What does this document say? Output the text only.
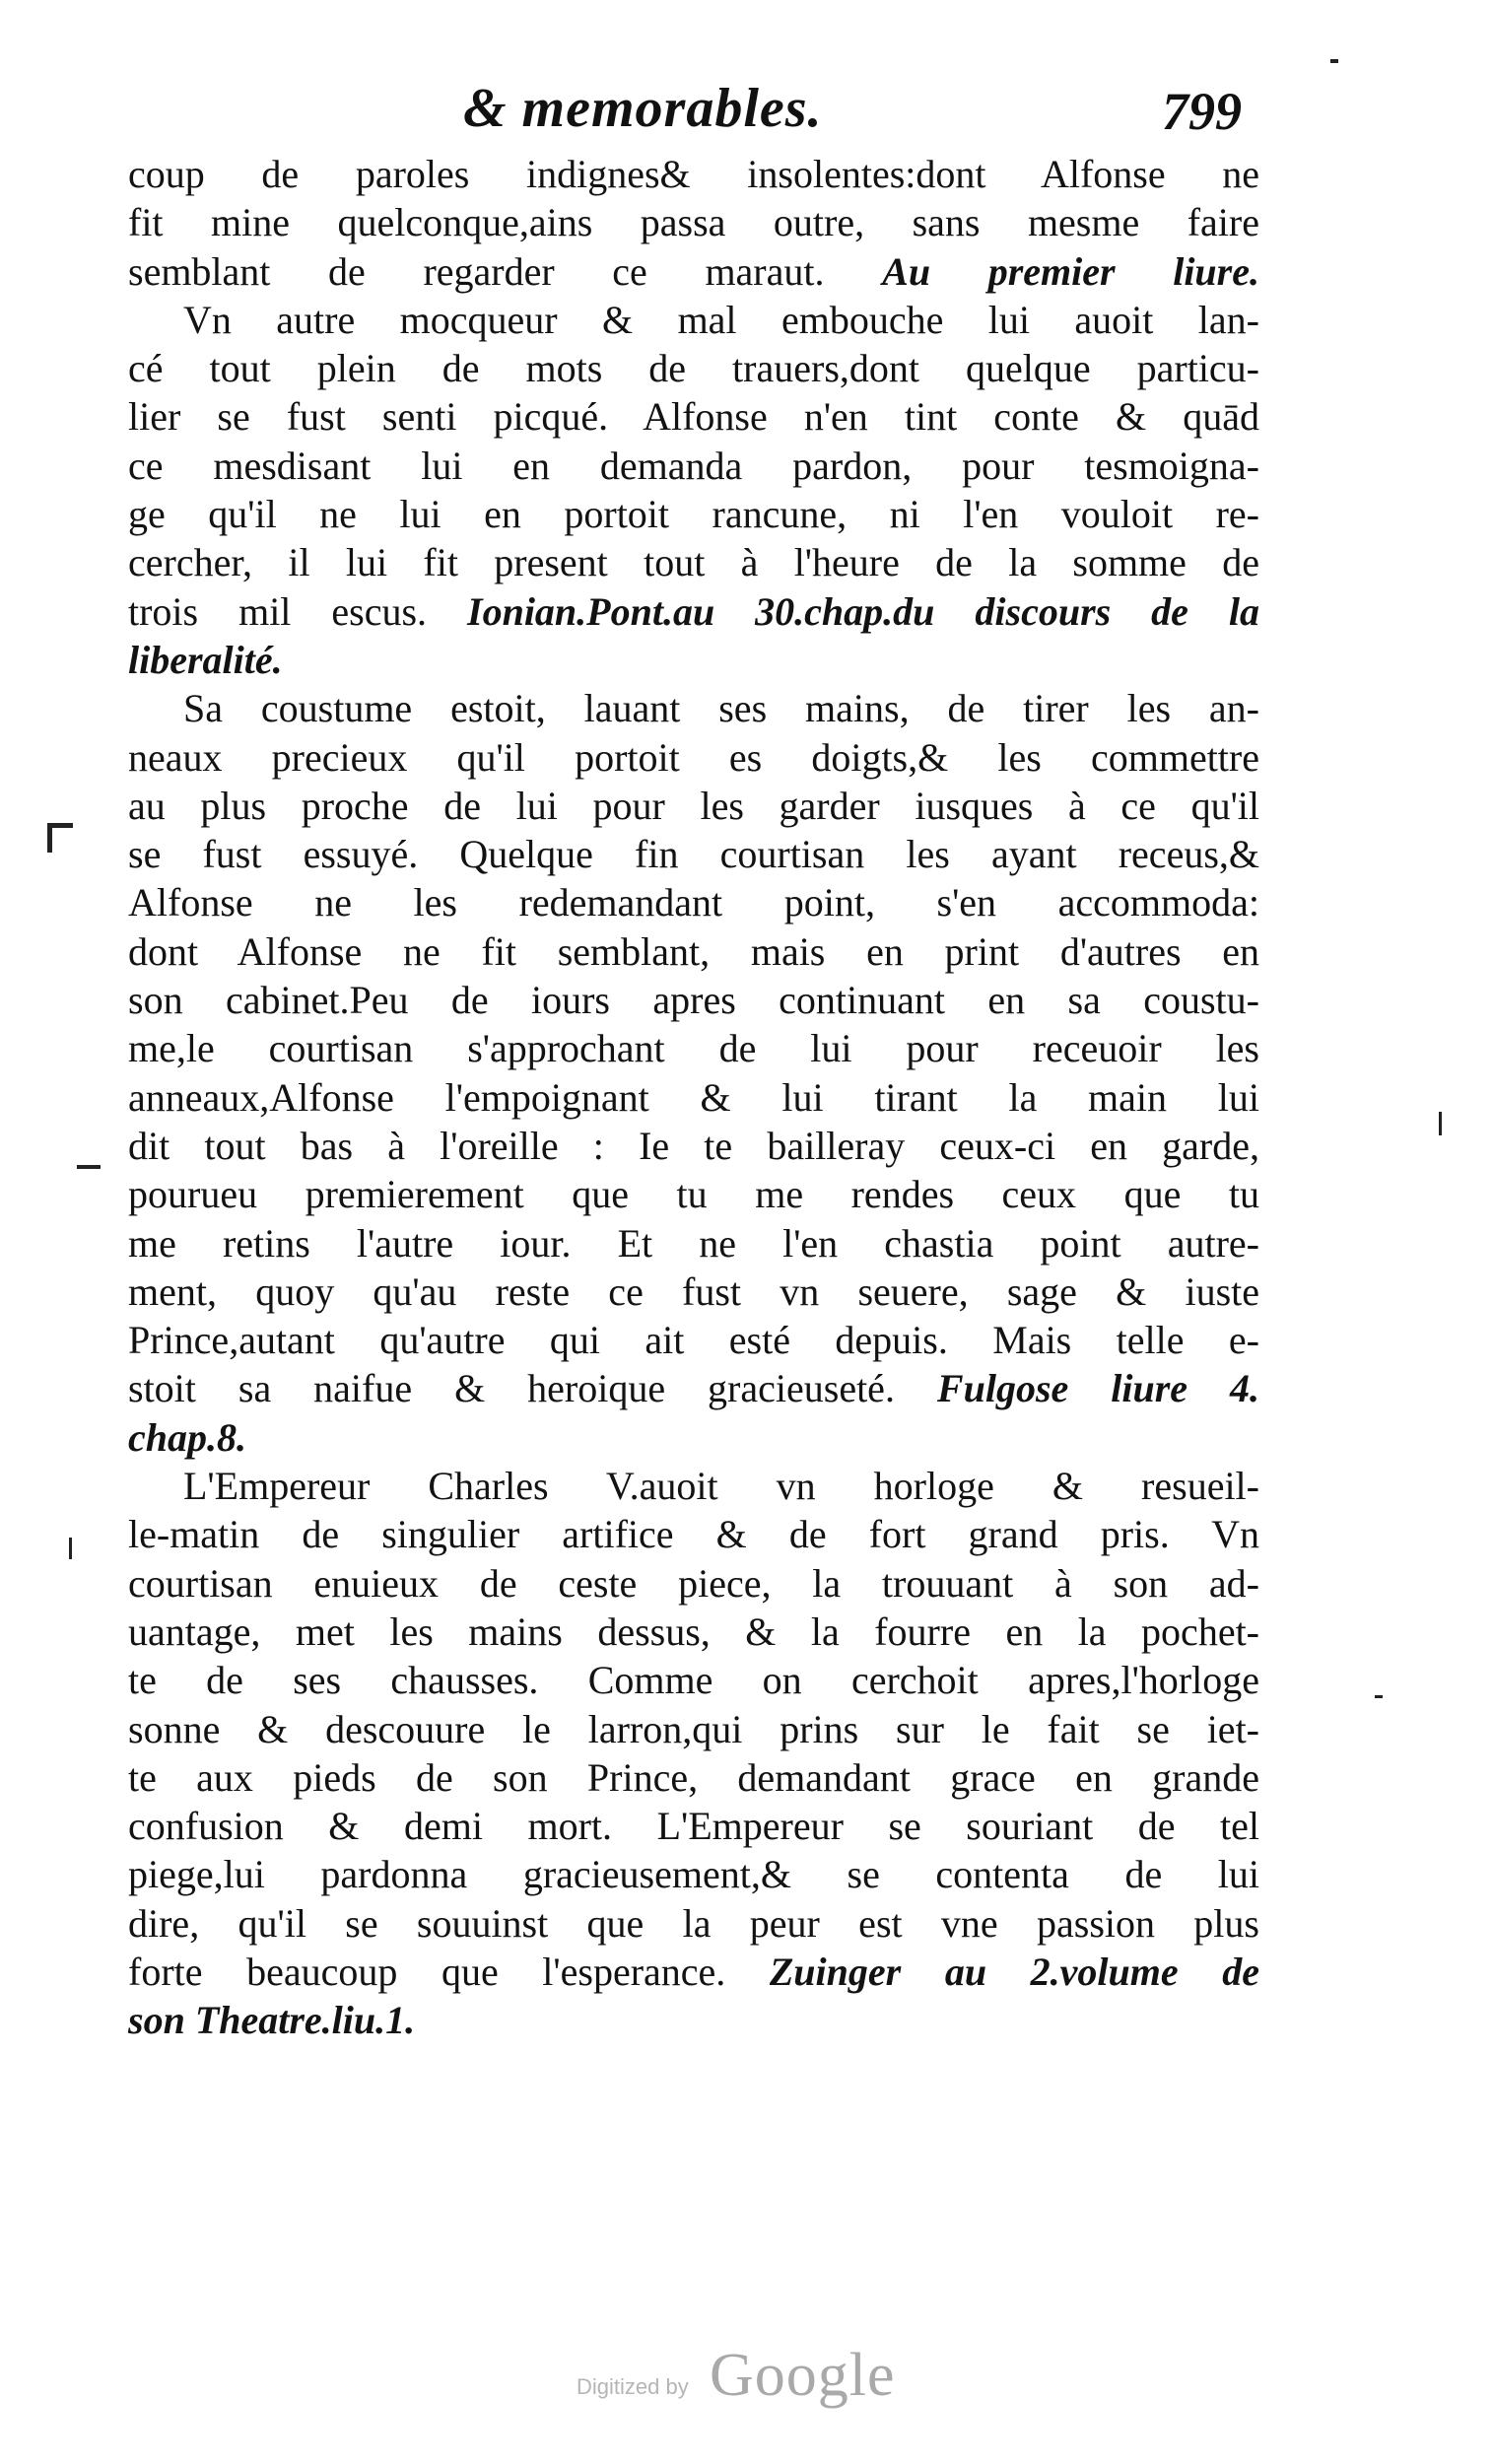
& memorables.	799
coup de paroles indignes& insolentes:dont Alfonse ne
fit mine quelconque,ains passa outre, sans mesme faire
semblant de regarder ce maraut. Au premier liure.
Vn autre mocqueur & mal embouche lui auoit lan-
cé tout plein de mots de trauers,dont quelque particu-
lier se fust senti picqué. Alfonse n'en tint conte & quād
ce mesdisant lui en demanda pardon, pour tesmoigna-
ge qu'il ne lui en portoit rancune, ni l'en vouloit re-
cercher, il lui fit present tout à l'heure de la somme de
trois mil escus. Ionian.Pont.au 30.chap.du discours de la
liberalité.
Sa coustume estoit, lauant ses mains, de tirer les an-
neaux precieux qu'il portoit es doigts,& les commettre
au plus proche de lui pour les garder iusques à ce qu'il
se fust essuyé. Quelque fin courtisan les ayant receus,&
Alfonse ne les redemandant point, s'en accommoda:
dont Alfonse ne fit semblant, mais en print d'autres en
son cabinet.Peu de iours apres continuant en sa coustu-
me,le courtisan s'approchant de lui pour receuoir les
anneaux,Alfonse l'empoignant & lui tirant la main lui
dit tout bas à l'oreille : Ie te bailleray ceux-ci en garde,
pourueu premierement que tu me rendes ceux que tu
me retins l'autre iour. Et ne l'en chastia point autre-
ment, quoy qu'au reste ce fust vn seuere, sage & iuste
Prince,autant qu'autre qui ait esté depuis. Mais telle e-
stoit sa naifue & heroique gracieuseté. Fulgose liure 4.
chap.8.
L'Empereur Charles V.auoit vn horloge & resueil-
le-matin de singulier artifice & de fort grand pris. Vn
courtisan enuieux de ceste piece, la trouuant à son ad-
uantage, met les mains dessus, & la fourre en la pochet-
te de ses chausses. Comme on cerchoit apres,l'horloge
sonne & descouure le larron,qui prins sur le fait se iet-
te aux pieds de son Prince, demandant grace en grande
confusion & demi mort. L'Empereur se souriant de tel
piege,lui pardonna gracieusement,& se contenta de lui
dire, qu'il se souuinst que la peur est vne passion plus
forte beaucoup que l'esperance. Zuinger au 2.volume de
son Theatre.liu.1.
Digitized by Google
